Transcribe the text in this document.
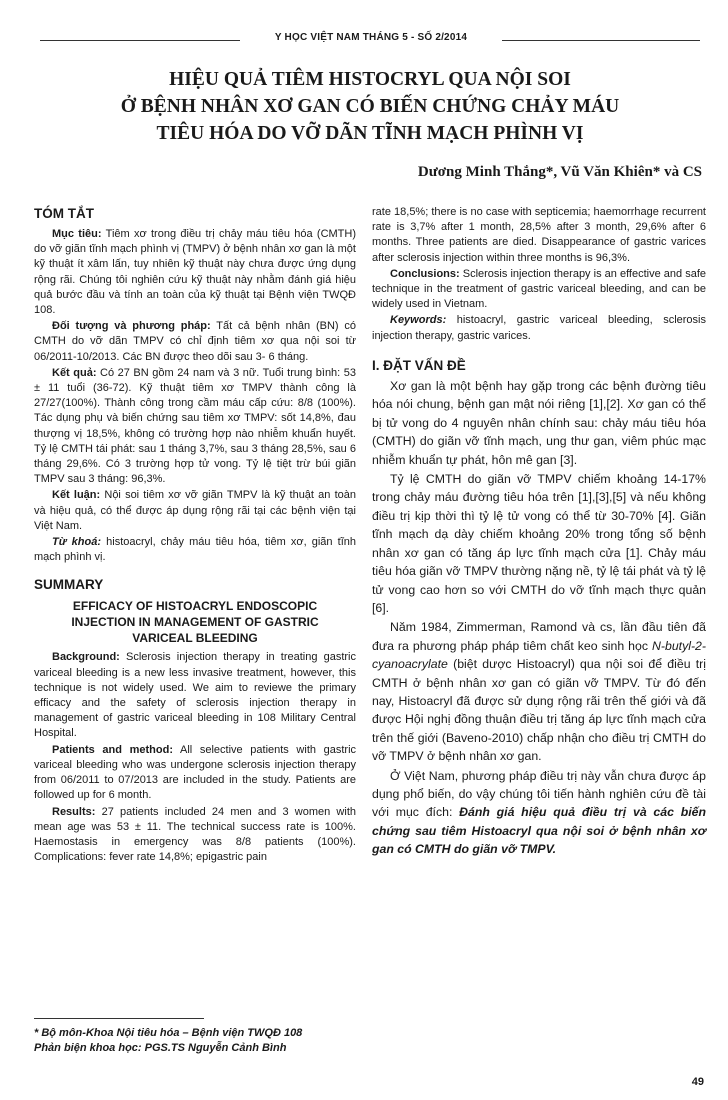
Y HỌC VIỆT NAM THÁNG 5 - SỐ 2/2014
HIỆU QUẢ TIÊM HISTOCRYL QUA NỘI SOI
Ở BỆNH NHÂN XƠ GAN CÓ BIẾN CHỨNG CHẢY MÁU
TIÊU HÓA DO VỠ DÃN TĨNH MẠCH PHÌNH VỊ
Dương Minh Thắng*, Vũ Văn Khiên* và CS
TÓM TẮT

Mục tiêu: Tiêm xơ trong điều trị chảy máu tiêu hóa (CMTH) do vỡ giãn tĩnh mạch phình vị (TMPV) ở bệnh nhân xơ gan là một kỹ thuật ít xâm lấn, tuy nhiên kỹ thuật này chưa được ứng dụng rộng rãi. Chúng tôi nghiên cứu kỹ thuật này nhằm đánh giá hiệu quả bước đầu và tính an toàn của kỹ thuật tại Bệnh viện TWQĐ 108.

Đối tượng và phương pháp: Tất cả bệnh nhân (BN) có CMTH do vỡ dãn TMPV có chỉ định tiêm xơ qua nội soi từ 06/2011-10/2013. Các BN được theo dõi sau 3- 6 tháng.

Kết quả: Có 27 BN gồm 24 nam và 3 nữ. Tuổi trung bình: 53 ± 11 tuổi (36-72). Kỹ thuật tiêm xơ TMPV thành công là 27/27(100%). Thành công trong cầm máu cấp cứu: 8/8 (100%). Tác dụng phụ và biến chứng sau tiêm xơ TMPV: sốt 14,8%, đau thượng vị 18,5%, không có trường hợp nào nhiễm khuẩn huyết. Tỷ lệ CMTH tái phát: sau 1 tháng 3,7%, sau 3 tháng 28,5%, sau 6 tháng 29,6%. Có 3 trường hợp tử vong. Tỷ lệ tiệt trừ búi giãn TMPV sau 3 tháng: 96,3%.

Kết luận: Nội soi tiêm xơ vỡ giãn TMPV là kỹ thuật an toàn và hiệu quả, có thể được áp dụng rộng rãi tại các bệnh viện tại Việt Nam.

Từ khoá: histoacryl, chảy máu tiêu hóa, tiêm xơ, giãn tĩnh mạch phình vị.

SUMMARY
EFFICACY OF HISTOACRYL ENDOSCOPIC
INJECTION IN MANAGEMENT OF GASTRIC
VARICEAL BLEEDING

Background: Sclerosis injection therapy in treating gastric variceal bleeding is a new less invasive treatment, however, this technique is not widely used. We aim to reviewe the primary efficacy and the safety of sclerosis injection therapy in management of gastric variceal bleeding in 108 Military Central Hospital.

Patients and method: All selective patients with gastric variceal bleeding who was undergone sclerosis injection therapy from 06/2011 to 07/2013 are included in the study. Patients are followed up for 6 month.

Results: 27 patients included 24 men and 3 women with mean age was 53 ± 11. The technical success rate is 100%. Haemostasis in emergency was 8/8 patients (100%). Complications: fever rate 14,8%; epigastric pain

rate 18,5%; there is no case with septicemia; haemorrhage recurrent rate is 3,7% after 1 month, 28,5% after 3 month, 29,6% after 6 months. Three patients are died. Disappearance of gastric varices after sclerosis injection within three months is 96,3%.

Conclusions: Sclerosis injection therapy is an effective and safe technique in the treatment of gastric variceal bleeding, and can be widely used in Vietnam.

Keywords: histoacryl, gastric variceal bleeding, sclerosis injection therapy, gastric varices.

I. ĐẶT VẤN ĐỀ

Xơ gan là một bệnh hay gặp trong các bệnh đường tiêu hóa nói chung, bệnh gan mật nói riêng [1],[2]. Xơ gan có thể bị tử vong do 4 nguyên nhân chính sau: chảy máu tiêu hóa (CMTH) do giãn vỡ tĩnh mạch, ung thư gan, viêm phúc mạc nhiễm khuẩn tự phát, hôn mê gan [3].

Tỷ lệ CMTH do giãn vỡ TMPV chiếm khoảng 14-17% trong chảy máu đường tiêu hóa trên [1],[3],[5] và nếu không điều trị kịp thời thì tỷ lệ tử vong có thể từ 30-70% [4]. Giãn tĩnh mạch dạ dày chiếm khoảng 20% trong tổng số bệnh nhân xơ gan có tăng áp lực tĩnh mạch cửa [1]. Chảy máu tiêu hóa giãn vỡ TMPV thường nặng nề, tỷ lệ tái phát và tỷ lệ tử vong cao hơn so với CMTH do vỡ tĩnh mạch thực quản [6].

Năm 1984, Zimmerman, Ramond và cs, lần đầu tiên đã đưa ra phương pháp pháp tiêm chất keo sinh học N-butyl-2-cyanoacrylate (biệt dược Histoacryl) qua nội soi để điều trị CMTH ở bệnh nhân xơ gan có giãn vỡ TMPV. Từ đó đến nay, Histoacryl đã được sử dụng rộng rãi trên thế giới và đã được Hội nghị đồng thuận điều trị tăng áp lực tĩnh mạch cửa trên thế giới (Baveno-2010) chấp nhận cho điều trị CMTH do vỡ TMPV ở bệnh nhân xơ gan.

Ở Việt Nam, phương pháp điều trị này vẫn chưa được áp dụng phổ biến, do vậy chúng tôi tiến hành nghiên cứu đề tài với mục đích: Đánh giá hiệu quả điều trị và các biến chứng sau tiêm Histoacryl qua nội soi ở bệnh nhân xơ gan có CMTH do giãn vỡ TMPV.

* Bộ môn-Khoa Nội tiêu hóa – Bệnh viện TWQĐ 108
Phản biện khoa học: PGS.TS Nguyễn Cảnh Bình
49
